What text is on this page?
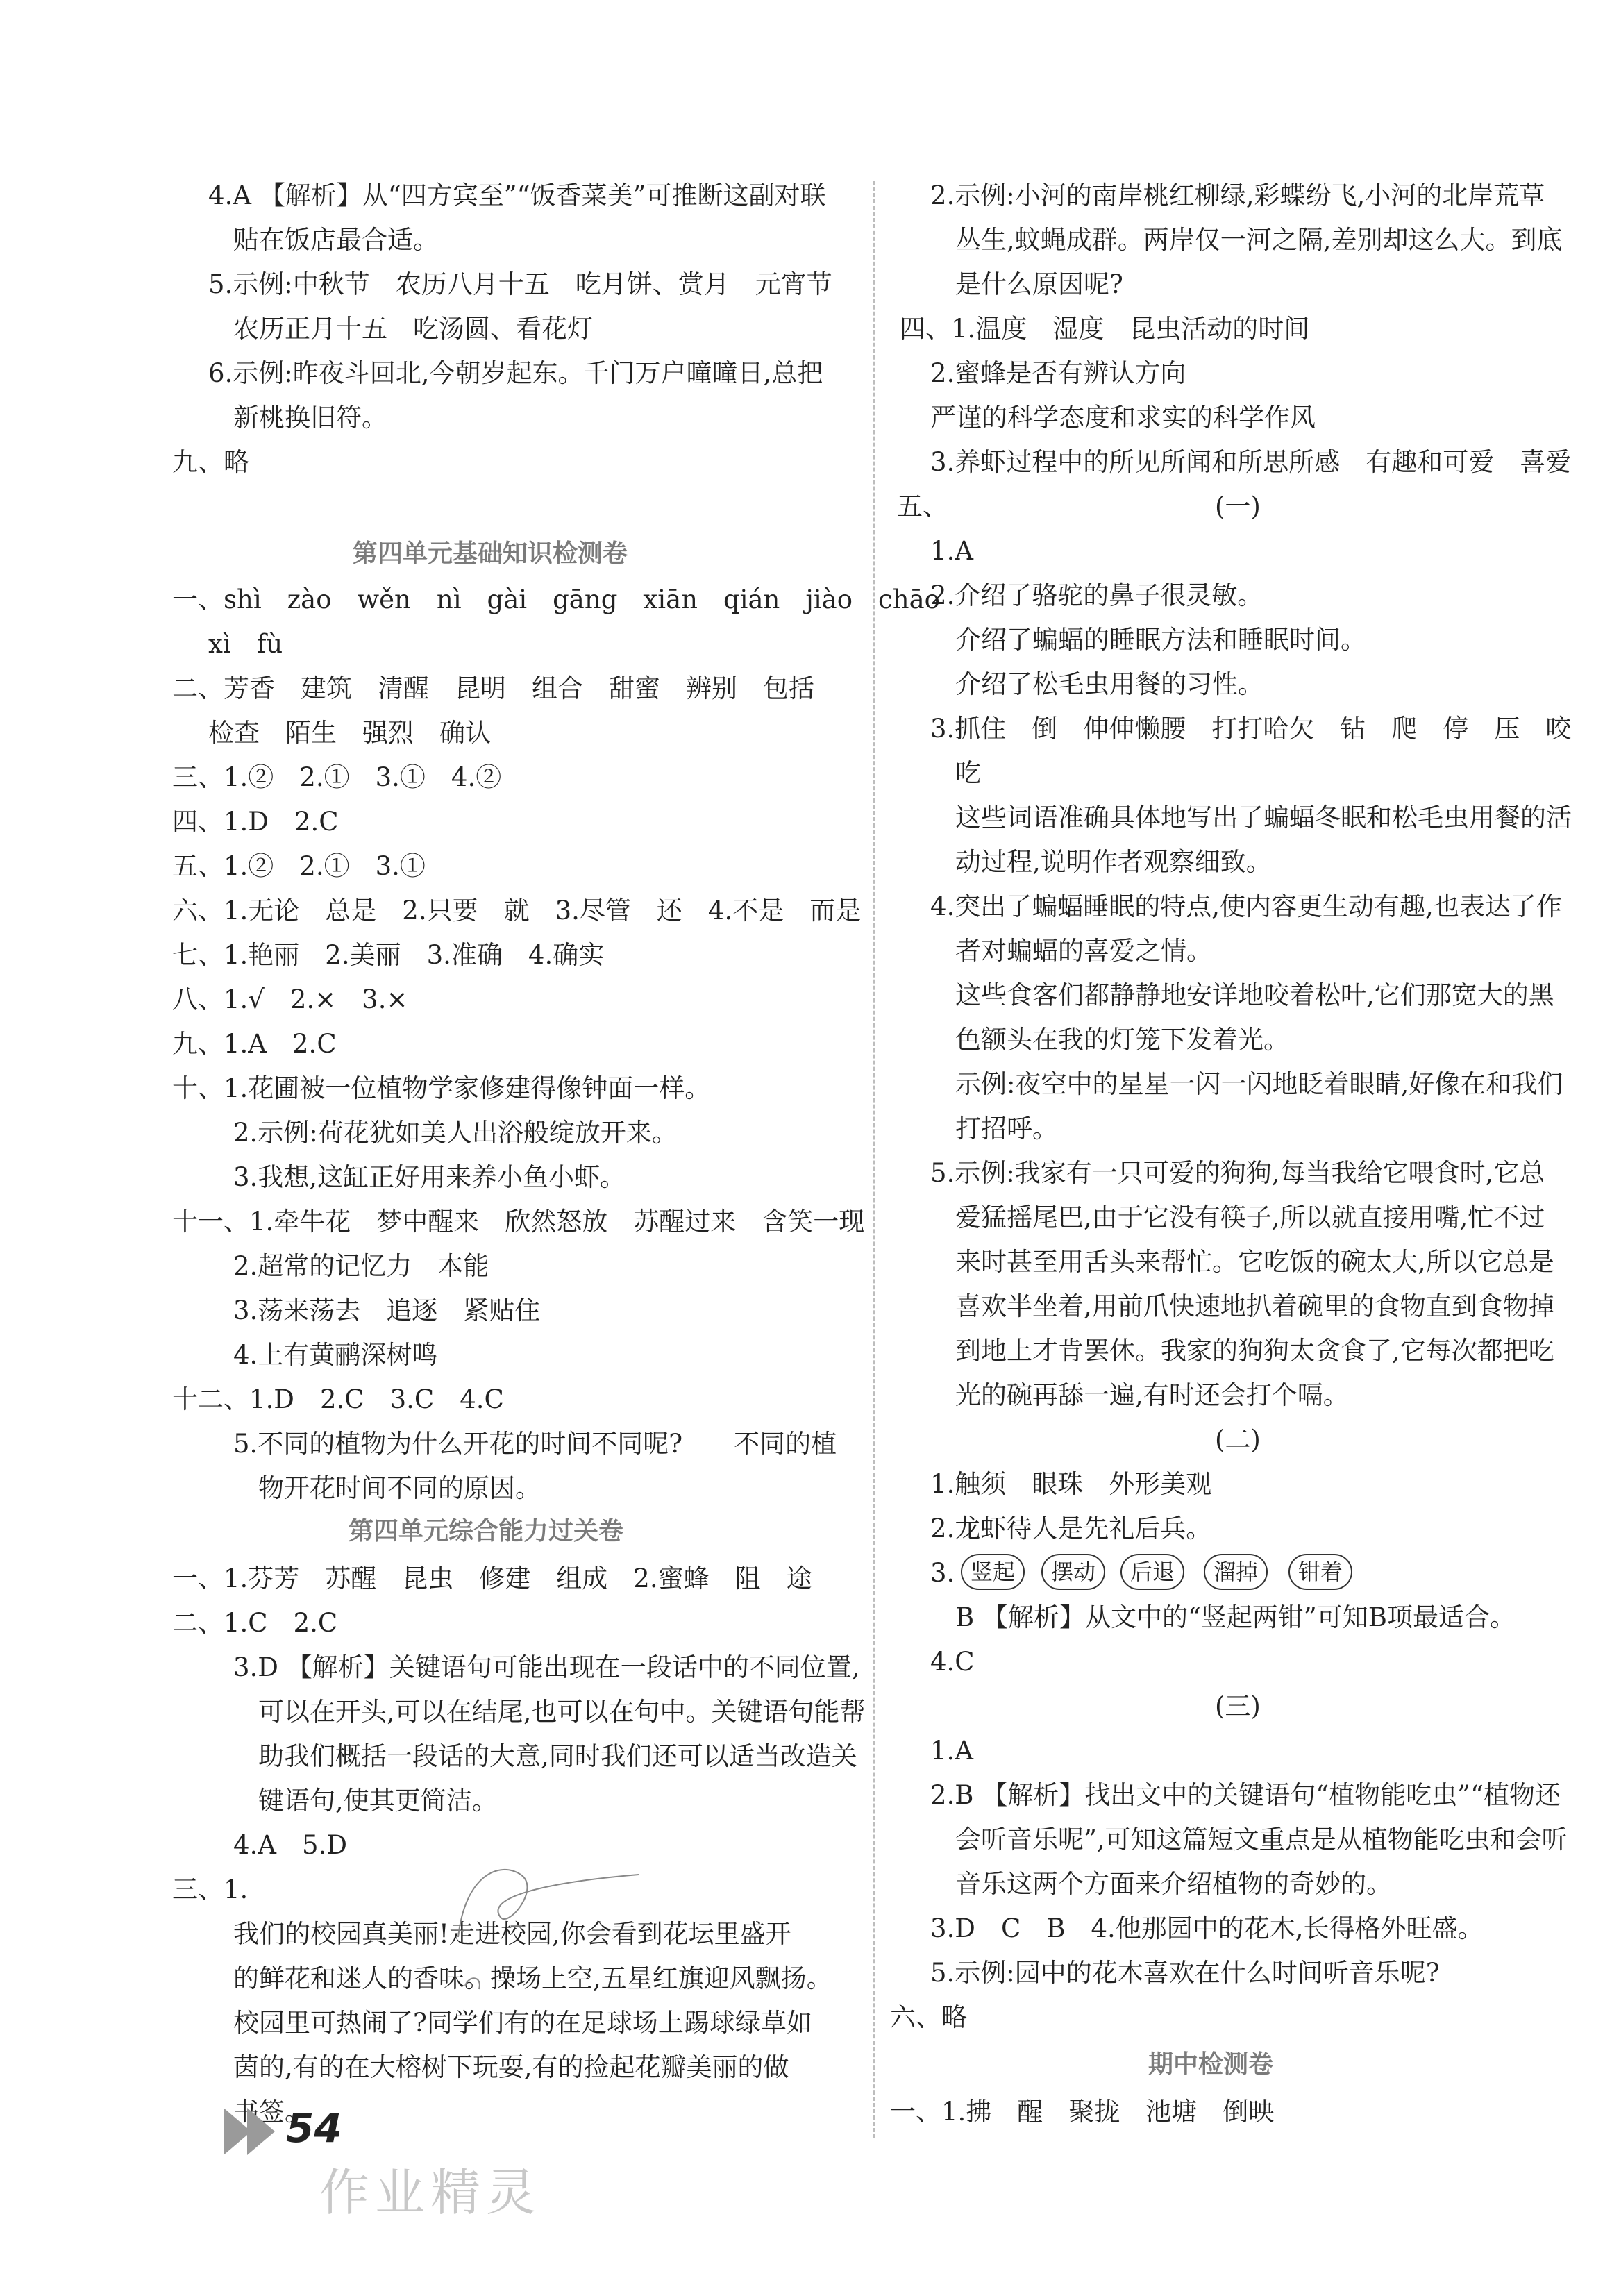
4.A 【解析】从“四方宾至”“饭香菜美”可推断这副对联
贴在饭店最合适。
5.示例:中秋节　农历八月十五　吃月饼、赏月　元宵节
农历正月十五　吃汤圆、看花灯
6.示例:昨夜斗回北,今朝岁起东。千门万户曈曈日,总把
新桃换旧符。
九、略
第四单元基础知识检测卷
一、shì　zào　wěn　nì　gài　gāng　xiān　qián　jiào　chāo
xì　fù
二、芳香　建筑　清醒　昆明　组合　甜蜜　辨别　包括
检查　陌生　强烈　确认
三、1.②　2.①　3.①　4.②
四、1.D　2.C
五、1.②　2.①　3.①
六、1.无论　总是　2.只要　就　3.尽管　还　4.不是　而是
七、1.艳丽　2.美丽　3.准确　4.确实
八、1.√　2.×　3.×
九、1.A　2.C
十、1.花圃被一位植物学家修建得像钟面一样。
2.示例:荷花犹如美人出浴般绽放开来。
3.我想,这缸正好用来养小鱼小虾。
十一、1.牵牛花　梦中醒来　欣然怒放　苏醒过来　含笑一现
2.超常的记忆力　本能
3.荡来荡去　追逐　紧贴住
4.上有黄鹂深树鸣
十二、1.D　2.C　3.C　4.C
5.不同的植物为什么开花的时间不同呢?　　不同的植
物开花时间不同的原因。
第四单元综合能力过关卷
一、1.芬芳　苏醒　昆虫　修建　组成　2.蜜蜂　阻　途
二、1.C　2.C
3.D 【解析】关键语句可能出现在一段话中的不同位置,
可以在开头,可以在结尾,也可以在句中。关键语句能帮
助我们概括一段话的大意,同时我们还可以适当改造关
键语句,使其更简洁。
4.A　5.D
三、1.
我们的校园真美丽!走进校园,你会看到花坛里盛开
的鲜花和迷人的香味。操场上空,五星红旗迎风飘扬。
校园里可热闹了?同学们有的在足球场上踢球绿草如
茵的,有的在大榕树下玩耍,有的捡起花瓣美丽的做
书签。
2.示例:小河的南岸桃红柳绿,彩蝶纷飞,小河的北岸荒草
丛生,蚊蝇成群。两岸仅一河之隔,差别却这么大。到底
是什么原因呢?
四、1.温度　湿度　昆虫活动的时间
2.蜜蜂是否有辨认方向
严谨的科学态度和求实的科学作风
3.养虾过程中的所见所闻和所思所感　有趣和可爱　喜爱
五、	(一)
1.A
2.介绍了骆驼的鼻子很灵敏。
介绍了蝙蝠的睡眠方法和睡眠时间。
介绍了松毛虫用餐的习性。
3.抓住　倒　伸伸懒腰　打打哈欠　钻　爬　停　压　咬
吃
这些词语准确具体地写出了蝙蝠冬眠和松毛虫用餐的活
动过程,说明作者观察细致。
4.突出了蝙蝠睡眠的特点,使内容更生动有趣,也表达了作
者对蝙蝠的喜爱之情。
这些食客们都静静地安详地咬着松叶,它们那宽大的黑
色额头在我的灯笼下发着光。
示例:夜空中的星星一闪一闪地眨着眼睛,好像在和我们
打招呼。
5.示例:我家有一只可爱的狗狗,每当我给它喂食时,它总
爱猛摇尾巴,由于它没有筷子,所以就直接用嘴,忙不过
来时甚至用舌头来帮忙。它吃饭的碗太大,所以它总是
喜欢半坐着,用前爪快速地扒着碗里的食物直到食物掉
到地上才肯罢休。我家的狗狗太贪食了,它每次都把吃
光的碗再舔一遍,有时还会打个嗝。
(二)
1.触须　眼珠　外形美观
2.龙虾待人是先礼后兵。
3. 竖起	摆动	后退	溜掉	钳着
B 【解析】从文中的“竖起两钳”可知B项最适合。
4.C
(三)
1.A
2.B 【解析】找出文中的关键语句“植物能吃虫”“植物还
会听音乐呢”,可知这篇短文重点是从植物能吃虫和会听
音乐这两个方面来介绍植物的奇妙的。
3.D　C　B　4.他那园中的花木,长得格外旺盛。
5.示例:园中的花木喜欢在什么时间听音乐呢?
六、略
期中检测卷
一、1.拂　醒　聚拢　池塘　倒映
54
作业精灵
